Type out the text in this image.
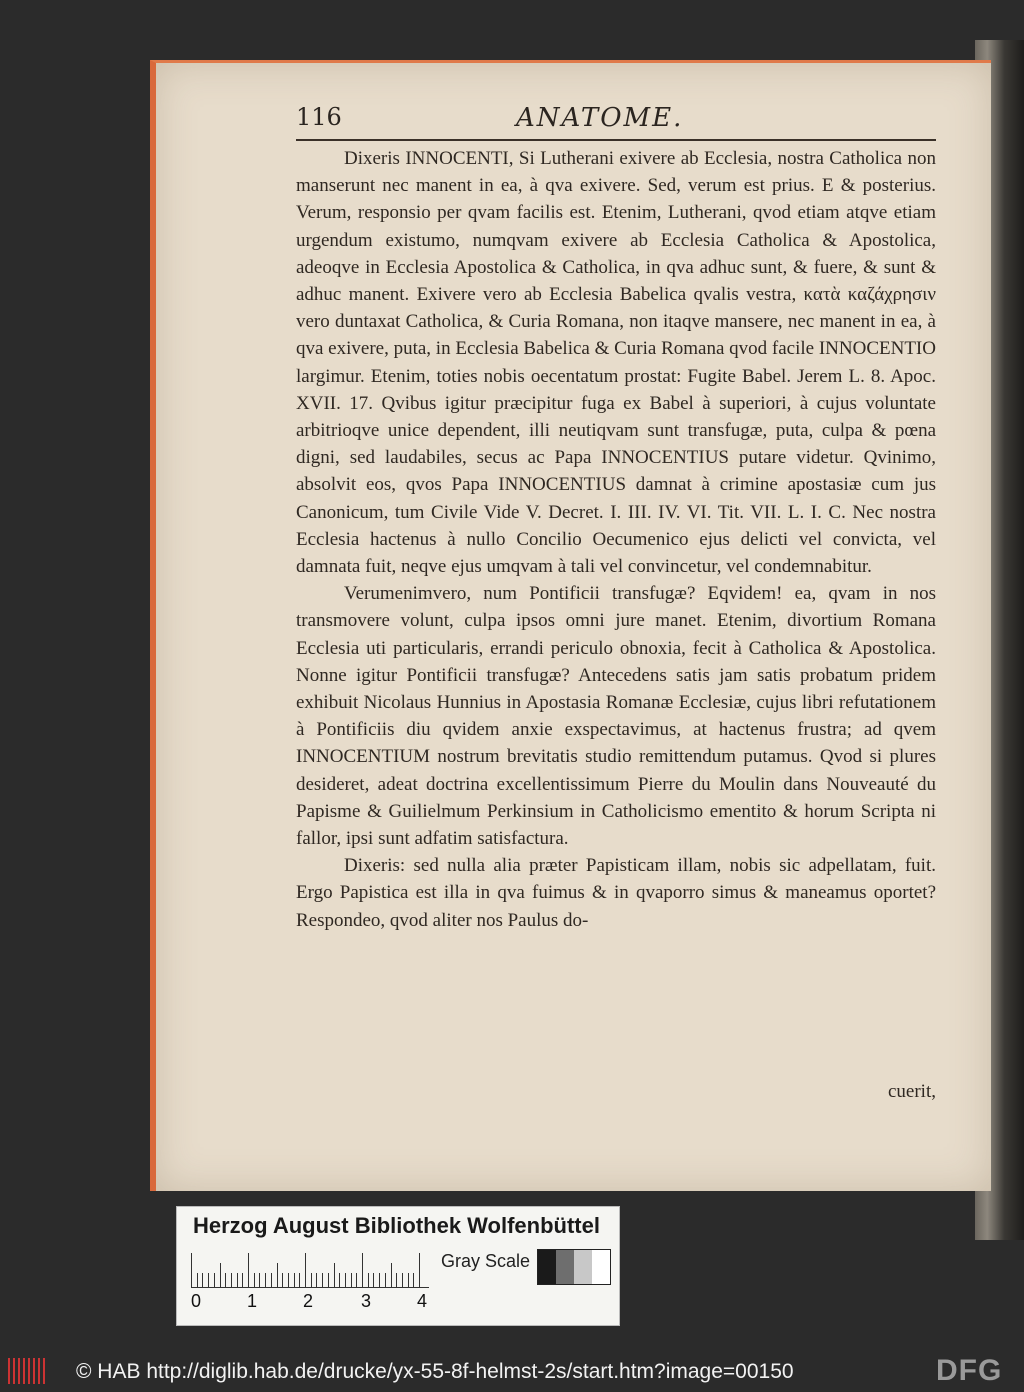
116	ANATOME.

Dixeris INNOCENTI, Si Lutherani exivere ab Ecclesia, nostra Catholica non manserunt nec manent in ea, à qva exivere. Sed, verum est prius. E & posterius. Verum, responsio per qvam facilis est. Etenim, Lutherani, qvod etiam atqve etiam urgendum existumo, numqvam exivere ab Ecclesia Catholica & Apostolica, adeoqve in Ecclesia Apostolica & Catholica, in qva adhuc sunt, & fuere, & sunt & adhuc manent. Exivere vero ab Ecclesia Babelica qvalis vestra, κατὰ καζάχρησιν vero duntaxat Catholica, & Curia Romana, non itaqve mansere, nec manent in ea, à qva exivere, puta, in Ecclesia Babelica & Curia Romana qvod facile INNOCENTIO largimur. Etenim, toties nobis oecentatum prostat: Fugite Babel. Jerem L. 8. Apoc. XVII. 17. Qvibus igitur præcipitur fuga ex Babel à superiori, à cujus voluntate arbitrioqve unice dependent, illi neutiqvam sunt transfugæ, puta, culpa & pœna digni, sed laudabiles, secus ac Papa INNOCENTIUS putare videtur. Qvinimo, absolvit eos, qvos Papa INNOCENTIUS damnat à crimine apostasiæ cum jus Canonicum, tum Civile Vide V. Decret. I. III. IV. VI. Tit. VII. L. I. C. Nec nostra Ecclesia hactenus à nullo Concilio Oecumenico ejus delicti vel convicta, vel damnata fuit, neqve ejus umqvam à tali vel convincetur, vel condemnabitur.

Verumenimvero, num Pontificii transfugæ? Eqvidem! ea, qvam in nos transmovere volunt, culpa ipsos omni jure manet. Etenim, divortium Romana Ecclesia uti particularis, errandi periculo obnoxia, fecit à Catholica & Apostolica. Nonne igitur Pontificii transfugæ? Antecedens satis jam satis probatum pridem exhibuit Nicolaus Hunnius in Apostasia Romanæ Ecclesiæ, cujus libri refutationem à Pontificiis diu qvidem anxie exspectavimus, at hactenus frustra; ad qvem INNOCENTIUM nostrum brevitatis studio remittendum putamus. Qvod si plures desideret, adeat doctrina excellentissimum Pierre du Moulin dans Nouveauté du Papisme & Guilielmum Perkinsium in Catholicismo ementito & horum Scripta ni fallor, ipsi sunt adfatim satisfactura.

Dixeris: sed nulla alia præter Papisticam illam, nobis sic adpellatam, fuit. Ergo Papistica est illa in qva fuimus & in qvaporro simus & maneamus oportet? Respondeo, qvod aliter nos Paulus do-

cuerit,
Herzog August Bibliothek Wolfenbüttel
0	1	2	3	4
Gray Scale
© HAB http://diglib.hab.de/drucke/yx-55-8f-helmst-2s/start.htm?image=00150	DFG
